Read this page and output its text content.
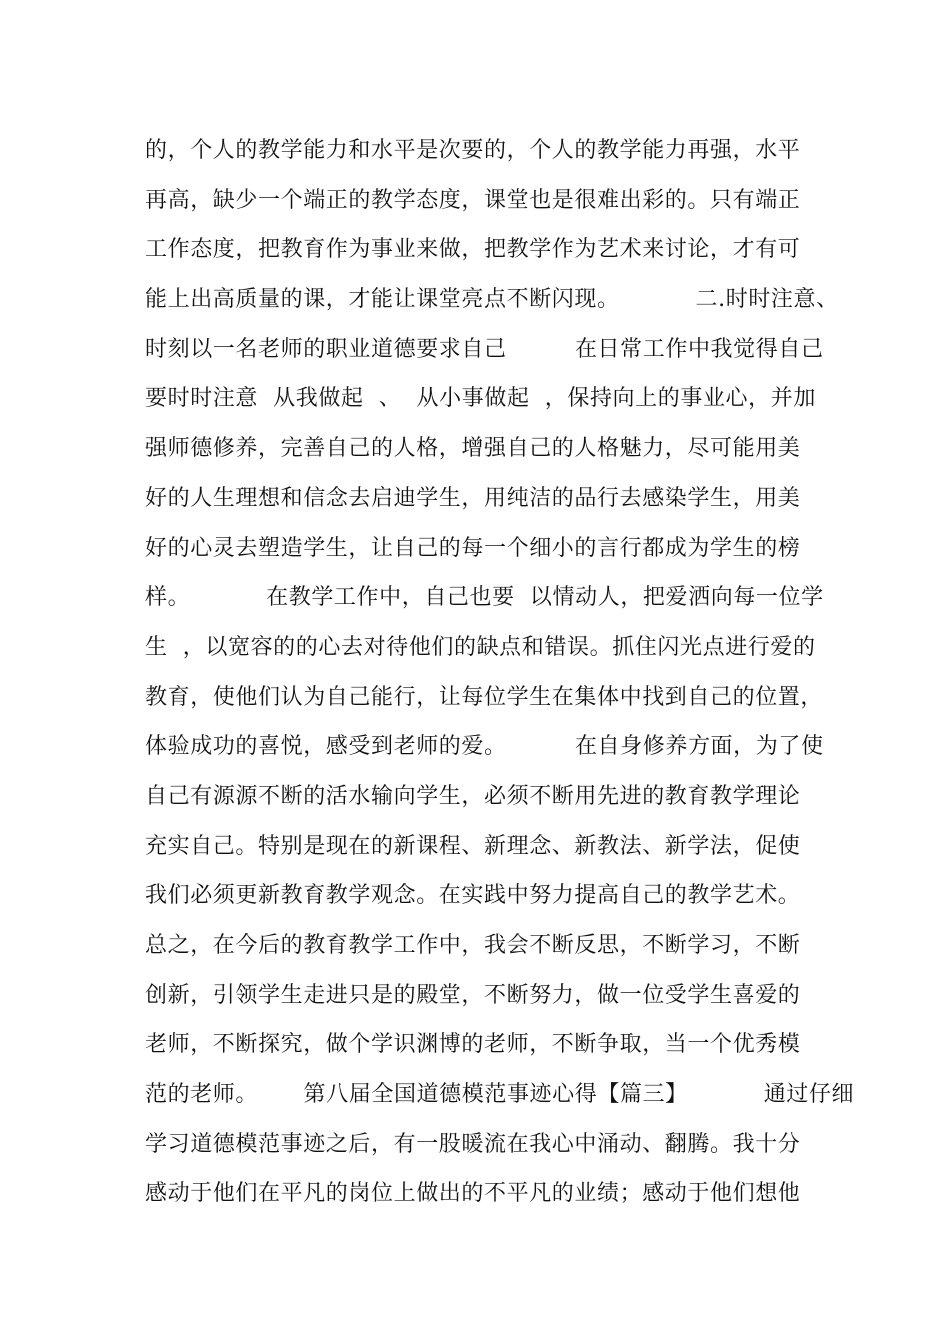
的，个人的教学能力和水平是次要的，个人的教学能力再强，水平
再高，缺少一个端正的教学态度，课堂也是很难出彩的。只有端正
工作态度，把教育作为事业来做，把教学作为艺术来讨论，才有可
能上出高质量的课，才能让课堂亮点不断闪现。          二.时时注意、
时刻以一名老师的职业道德要求自己         在日常工作中我觉得自己
要时时注意  从我做起  、  从小事做起  ，保持向上的事业心，并加
强师德修养，完善自己的人格，增强自己的人格魅力，尽可能用美
好的人生理想和信念去启迪学生，用纯洁的品行去感染学生，用美
好的心灵去塑造学生，让自己的每一个细小的言行都成为学生的榜
样。          在教学工作中，自己也要  以情动人，把爱洒向每一位学
生  ，以宽容的的心去对待他们的缺点和错误。抓住闪光点进行爱的
教育，使他们认为自己能行，让每位学生在集体中找到自己的位置，
体验成功的喜悦，感受到老师的爱。         在自身修养方面，为了使
自己有源源不断的活水输向学生，必须不断用先进的教育教学理论
充实自己。特别是现在的新课程、新理念、新教法、新学法，促使
我们必须更新教育教学观念。在实践中努力提高自己的教学艺术。
总之，在今后的教育教学工作中，我会不断反思，不断学习，不断
创新，引领学生走进只是的殿堂，不断努力，做一位受学生喜爱的
老师，不断探究，做个学识渊博的老师，不断争取，当一个优秀模
范的老师。      第八届全国道德模范事迹心得【篇三】          通过仔细
学习道德模范事迹之后，有一股暖流在我心中涌动、翻腾。我十分
感动于他们在平凡的岗位上做出的不平凡的业绩；感动于他们想他
